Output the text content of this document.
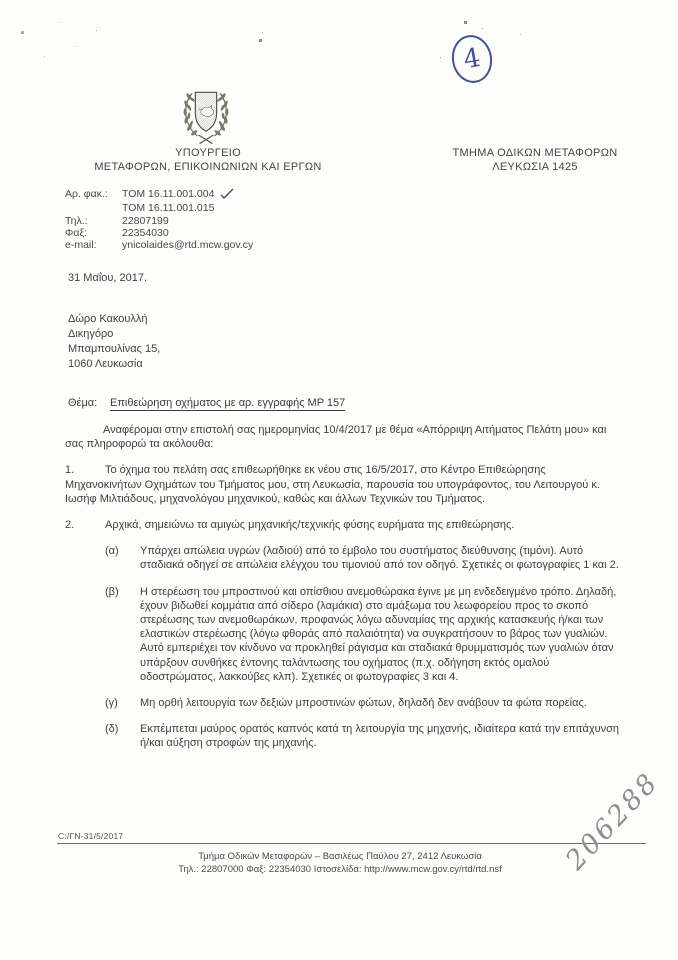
4
ΥΠΟΥΡΓΕΙΟ
ΜΕΤΑΦΟΡΩΝ, ΕΠΙΚΟΙΝΩΝΙΩΝ ΚΑΙ ΕΡΓΩΝ
ΤΜΗΜΑ ΟΔΙΚΩΝ ΜΕΤΑΦΟΡΩΝ
ΛΕΥΚΩΣΙΑ 1425
Αρ. φακ.:	TOM 16.11.001.004
TOM 16.11.001.015
Τηλ.:	22807199
Φαξ:	22354030
e-mail:	ynicolaides@rtd.mcw.gov.cy
31 Μαΐου, 2017.
Δώρο Κακουλλή
Δικηγόρο
Μπαμπουλίνας 15,
1060 Λευκωσία
Θέμα: Επιθεώρηση οχήματος με αρ. εγγραφής ΜΡ 157

Αναφέρομαι στην επιστολή σας ημερομηνίας 10/4/2017 με θέμα «Απόρριψη Αιτήματος Πελάτη μου» και σας πληροφορώ τα ακόλουθα:

1.	Το όχημα του πελάτη σας επιθεωρήθηκε εκ νέου στις 16/5/2017, στο Κέντρο Επιθεώρησης Μηχανοκινήτων Οχημάτων του Τμήματος μου, στη Λευκωσία, παρουσία του υπογράφοντος, του Λειτουργού κ. Ιωσήφ Μιλτιάδους, μηχανολόγου μηχανικού, καθώς και άλλων Τεχνικών του Τμήματος.

2.	Αρχικά, σημειώνω τα αμιγώς μηχανικής/τεχνικής φύσης ευρήματα της επιθεώρησης.

(α)	Υπάρχει απώλεια υγρών (λαδιού) από το έμβολο του συστήματος διεύθυνσης (τιμόνι). Αυτό σταδιακά οδηγεί σε απώλεια ελέγχου του τιμονιού από τον οδηγό. Σχετικές οι φωτογραφίες 1 και 2.
(β)	Η στερέωση του μπροστινού και οπίσθιου ανεμοθώρακα έγινε με μη ενδεδειγμένο τρόπο. Δηλαδή, έχουν βιδωθεί κομμάτια από σίδερο (λαμάκια) στο αμάξωμα του λεωφορείου προς το σκοπό στερέωσης των ανεμοθωράκων, προφανώς λόγω αδυναμίας της αρχικής κατασκευής ή/και των ελαστικών στερέωσης (λόγω φθοράς από παλαιότητα) να συγκρατήσουν το βάρος των γυαλιών. Αυτό εμπεριέχει τον κίνδυνο να προκληθεί ράγισμα και σταδιακά θρυμματισμός των γυαλιών όταν υπάρξουν συνθήκες έντονης ταλάντωσης του οχήματος (π.χ. οδήγηση εκτός ομαλού οδοστρώματος, λακκούβες κλπ). Σχετικές οι φωτογραφίες 3 και 4.
(γ)	Μη ορθή λειτουργία των δεξιών μπροστινών φώτων, δηλαδή δεν ανάβουν τα φώτα πορείας.
(δ)	Εκπέμπεται μαύρος ορατός καπνός κατά τη λειτουργία της μηχανής, ιδιαίτερα κατά την επιτάχυνση ή/και αύξηση στροφών της μηχανής.
C:/ΓΝ-31/5/2017
Τμήμα Οδικών Μεταφορών – Βασιλέως Παύλου 27, 2412 Λευκωσία
Τηλ.: 22807000 Φαξ: 22354030 Ιστοσελίδα: http://www.mcw.gov.cy/rtd/rtd.nsf	206288
